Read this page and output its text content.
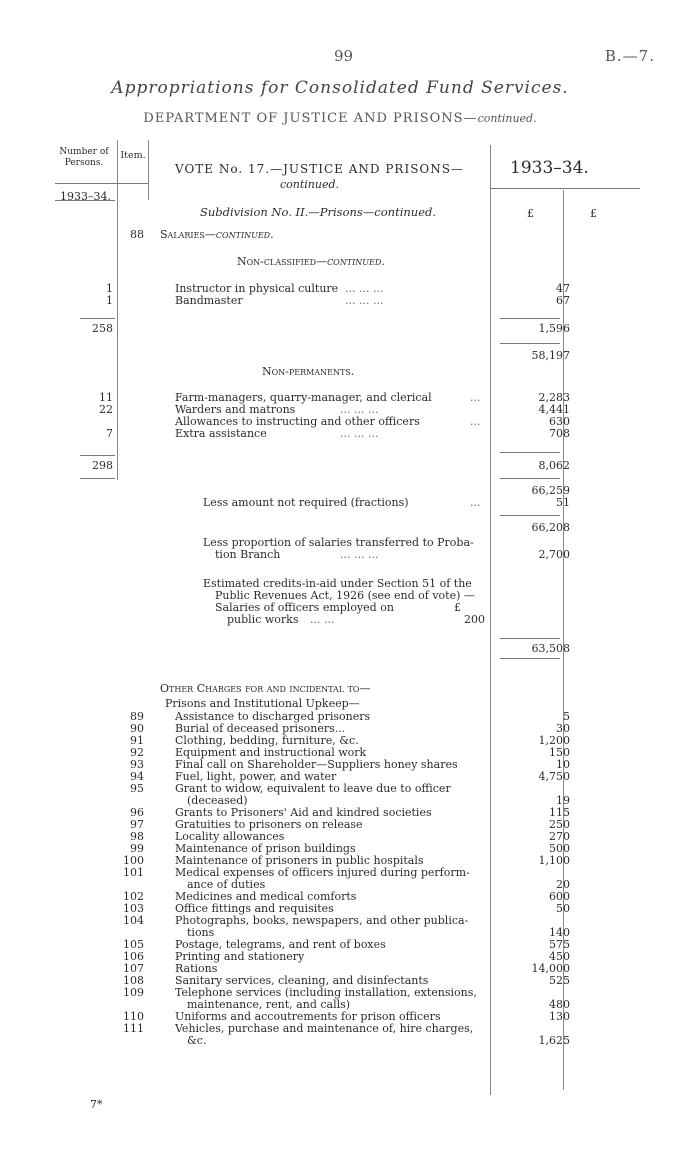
99	B.—7.
Appropriations for Consolidated Fund Services.
DEPARTMENT OF JUSTICE AND PRISONS—continued.
Number of Persons.
Item.
VOTE No. 17.—JUSTICE AND PRISONS—
continued.
1933–34.
1933–34.
Subdivision No. II.—Prisons—continued.	£	£
88 Salaries—continued.
Non-classified—continued.
1	Instructor in physical culture ... ... ...	47
1	Bandmaster	... ... ...	67
258	1,596
58,197
Non-permanents.
11	Farm-managers, quarry-manager, and clerical	...	2,283
22	Warders and matrons	... ... ...	4,441
Allowances to instructing and other officers	...	630
7	Extra assistance	... ... ...	708
298	8,062
66,259
Less amount not required (fractions)	...	51
66,208
Less proportion of salaries transferred to Proba-
tion Branch	... ... ...	2,700
Estimated credits-in-aid under Section 51 of the
Public Revenues Act, 1926 (see end of vote) —
Salaries of officers employed on	£
public works ... ...	200
63,508
Other Charges for and incidental to—
Prisons and Institutional Upkeep—
89	Assistance to discharged prisoners	5
90	Burial of deceased prisoners...	30
91	Clothing, bedding, furniture, &c.	1,200
92	Equipment and instructional work	150
93	Final call on Shareholder—Suppliers honey shares	10
94	Fuel, light, power, and water	4,750
95	Grant to widow, equivalent to leave due to officer
(deceased)	19
96	Grants to Prisoners' Aid and kindred societies	115
97	Gratuities to prisoners on release	250
98	Locality allowances	270
99	Maintenance of prison buildings	500
100	Maintenance of prisoners in public hospitals	1,100
101	Medical expenses of officers injured during perform-
ance of duties	20
102	Medicines and medical comforts	600
103	Office fittings and requisites	50
104	Photographs, books, newspapers, and other publica-
tions	140
105	Postage, telegrams, and rent of boxes	575
106	Printing and stationery	450
107	Rations	14,000
108	Sanitary services, cleaning, and disinfectants	525
109	Telephone services (including installation, extensions,
maintenance, rent, and calls)	480
110	Uniforms and accoutrements for prison officers	130
111	Vehicles, purchase and maintenance of, hire charges,
&c.	1,625
7*
